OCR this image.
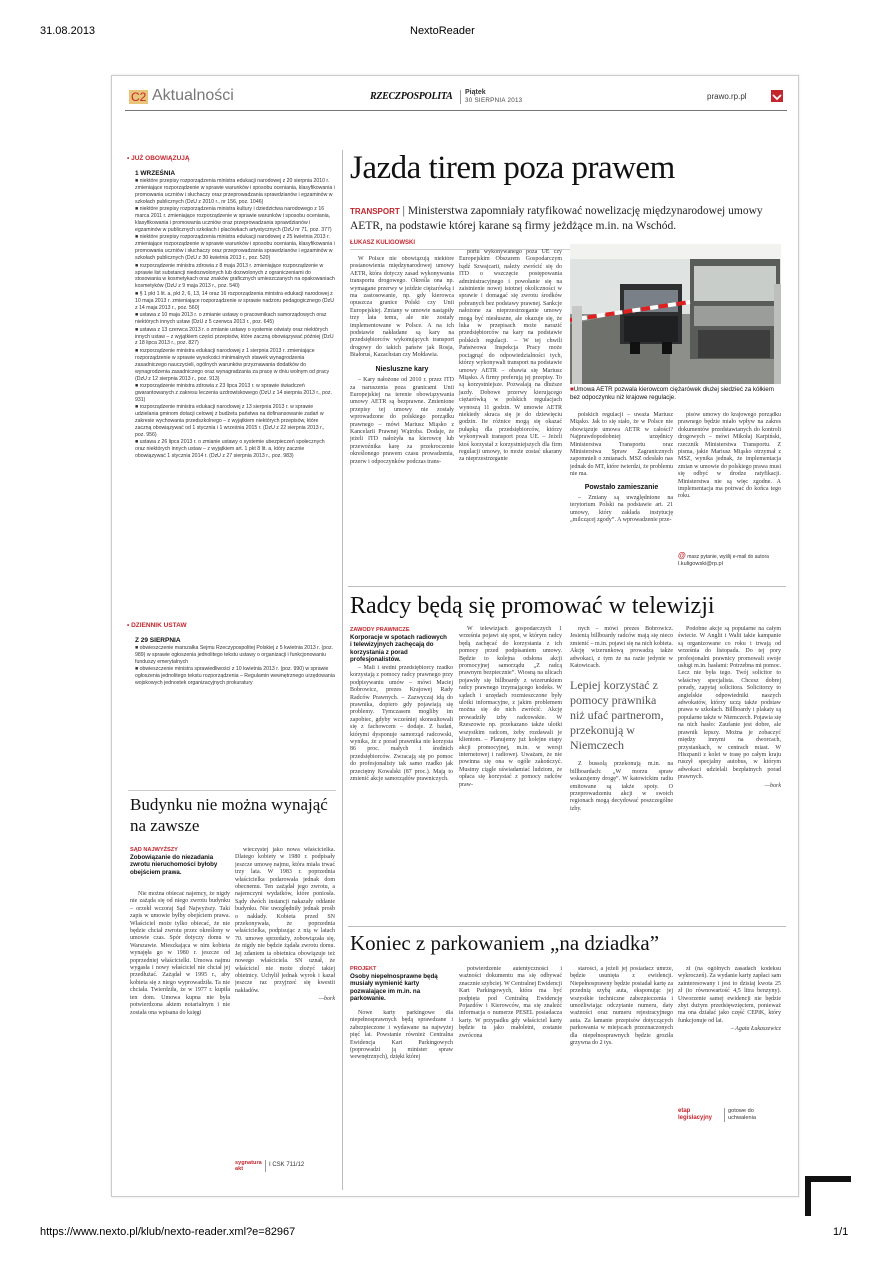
31.08.2013	NextoReader
https://www.nexto.pl/klub/nexto-reader.xml?e=82967	1/1
C2 Aktualności	RZECZPOSPOLITA Piątek
30 SIERPNIA 2013	prawo.rp.pl
• JUŻ OBOWIĄZUJĄ
1 WRZEŚNIA

■ niektóre przepisy rozporządzenia ministra edukacji narodowej z 20 sierpnia 2010 r. zmieniające rozporządzenie w sprawie warunków i sposobu oceniania, klasyfikowania i promowania uczniów i słuchaczy oraz przeprowadzania sprawdzianów i egzaminów w szkołach publicznych (DzU z 2010 r., nr 156, poz. 1046)

■ niektóre przepisy rozporządzenia ministra kultury i dziedzictwa narodowego z 16 marca 2011 r. zmieniające rozporządzenie w sprawie warunków i sposobu oceniania, klasyfikowania i promowania uczniów oraz przeprowadzania sprawdzianów i egzaminów w publicznych szkołach i placówkach artystycznych (DzU nr 71, poz. 377)

■ niektóre przepisy rozporządzenia ministra edukacji narodowej z 25 kwietnia 2013 r. zmieniające rozporządzenie w sprawie warunków i sposobu oceniania, klasyfikowania i promowania uczniów i słuchaczy oraz przeprowadzania sprawdzianów i egzaminów w szkołach publicznych (DzU z 30 kwietnia 2013 r., poz. 520)

■ rozporządzenie ministra zdrowia z 8 maja 2013 r. zmieniające rozporządzenie w sprawie list substancji niedozwolonych lub dozwolonych z ograniczeniami do stosowania w kosmetykach oraz znaków graficznych umieszczanych na opakowaniach kosmetyków (DzU z 9 maja 2013 r., poz. 540)

■ § 1 pkt 1 lit. a, pkt 2, 6, 13, 14 oraz 16 rozporządzenia ministra edukacji narodowej z 10 maja 2013 r. zmieniające rozporządzenie w sprawie nadzoru pedagogicznego (DzU z 14 maja 2013 r., poz. 560)

■ ustawa z 10 maja 2013 r. o zmianie ustawy o pracownikach samorządowych oraz niektórych innych ustaw (DzU z 5 czerwca 2013 r., poz. 645)

■ ustawa z 13 czerwca 2013 r. o zmianie ustawy o systemie oświaty oraz niektórych innych ustaw – z wyjątkiem części przepisów, które zaczną obowiązywać później (DzU z 18 lipca 2013 r., poz. 827)

■ rozporządzenie ministra edukacji narodowej z 1 sierpnia 2013 r. zmieniające rozporządzenie w sprawie wysokości minimalnych stawek wynagrodzenia zasadniczego nauczycieli, ogólnych warunków przyznawania dodatków do wynagrodzenia zasadniczego oraz wynagradzania za pracę w dniu wolnym od pracy (DzU z 12 sierpnia 2013 r., poz. 913)

■ rozporządzenie ministra zdrowia z 23 lipca 2013 r. w sprawie świadczeń gwarantowanych z zakresu leczenia uzdrowiskowego (DzU z 14 sierpnia 2013 r., poz. 931)

■ rozporządzenie ministra edukacji narodowej z 13 sierpnia 2013 r. w sprawie udzielania gminom dotacji celowej z budżetu państwa na dofinansowanie zadań w zakresie wychowania przedszkolnego – z wyjątkiem niektórych przepisów, które zaczną obowiązywać od 1 stycznia i 1 września 2015 r. (DzU z 22 sierpnia 2013 r., poz. 956)

■ ustawa z 26 lipca 2013 r. o zmianie ustawy o systemie ubezpieczeń społecznych oraz niektórych innych ustaw – z wyjątkiem art. 1 pkt 8 lit. a, który zacznie obowiązywać 1 stycznia 2014 r. (DzU z 27 sierpnia 2013 r., poz. 983)

• DZIENNIK USTAW
Z 29 SIERPNIA

■ obwieszczenie marszałka Sejmu Rzeczypospolitej Polskiej z 5 kwietnia 2013 r. (poz. 989) w sprawie ogłoszenia jednolitego tekstu ustawy o organizacji i funkcjonowaniu funduszy emerytalnych

■ obwieszczenie ministra sprawiedliwości z 10 kwietnia 2013 r. (poz. 990) w sprawie ogłoszenia jednolitego tekstu rozporządzenia – Regulamin wewnętrznego urzędowania wojskowych jednostek organizacyjnych prokuratury

Jazda tirem poza prawem
TRANSPORT | Ministerstwa zapomniały ratyfikować nowelizację międzynarodowej umowy AETR, na podstawie której karane są firmy jeżdżące m.in. na Wschód.
ŁUKASZ KULIGOWSKI

W Polsce nie obowiązują niektóre postanowienia międzynarodowej umowy AETR, która dotyczy zasad wykonywania transportu drogowego. Określa ona np. wymagane przerwy w jeździe ciężarówką i ma zastosowanie, np. gdy kierowca opuszcza granice Polski czy Unii Europejskiej. Zmiany w umowie nastąpiły trzy lata temu, ale nie zostały implementowane w Polsce. A na ich podstawie nakładane są kary na przedsiębiorców wykonujących transport drogowy do takich państw jak Rosja, Białoruś, Kazachstan czy Mołdawia.

Niesluszne kary

– Kary nałożone od 2010 r. przez ITD za naruszenia poza granicami Unii Europejskiej na terenie obowiązywania umowy AETR są bezprawne. Zmienione przepisy tej umowy nie zostały wprowadzone do polskiego porządku prawnego – mówi Mariusz Miąsko z Kancelarii Prawnej Wątroba. Dodaje, że jeżeli ITD nałożyła na kierowcę lub przewoźnika karę za przekroczenie określonego prawem czasu prowadzenia, przerw i odpoczynków podczas trans-

portu wykonywanego poza UE czy Europejskim Obszarem Gospodarczym bądź Szwajcarii, należy zwrócić się do ITD o wszczęcie postępowania administracyjnego i powołanie się na zaistnienie nowej istotnej okoliczności w sprawie i domagać się zwrotu środków pobranych bez podstawy prawnej. Sankcje nałożone za nieprzestrzeganie umowy mogą być niesłuszne, ale okazuje się, że luka w przepisach może narazić przedsiębiorców na kary na podstawie polskich regulacji. – W tej chwili Państwowa Inspekcja Pracy może pociągnąć do odpowiedzialności tych, którzy wykonywali transport na podstawie umowy AETR – obawia się Mariusz Miąsko. A firmy preferują jej przepisy. To są korzystniejsze. Pozwalają na dłuższe jazdy. Dobowe przerwy kierującego ciężarówką w polskich regulacjach wynoszą 11 godzin. W umowie AETR niekiedy skraca się je do dziewięciu godzin. Ite różnice mogą się okazać pułapką dla przedsiębiorców, którzy wykonywali transport poza UE. – Jeżeli ktoś korzystał z korzystniejszych dla firm regulacji umowy, to może zostać ukarany za nieprzestrzeganie

■Umowa AETR pozwala kierowcom ciężarówek dłużej siedzieć za kółkiem bez odpoczynku niż krajowe regulacje.

polskich regulacji – uważa Mariusz Miąsko. Jak to się stało, że w Polsce nie obowiązuje umowa AETR w całości? Najprawdopodobniej urzędnicy Ministerstwa Transportu oraz Ministerstwa Spraw Zagranicznych zapomnieli o zmianach. MSZ odesłało nas jednak do MT, które twierdzi, że problemu nie ma.

Powstało zamieszanie

– Zmiany są uwzględnione na terytorium Polski na podstawie art. 21 umowy, który zakłada instytucję „milczącej zgody”. A wprowadzenie prze-

pisów umowy do krajowego porządku prawnego będzie miało wpływ na zakres dokumentów przedstawianych do kontroli drogowych – mówi Mikołaj Karpiński, rzecznik Ministerstwa Transportu. Z pisma, jakie Mariusz Miąsko otrzymał z MSZ, wynika jednak, że implementacja zmian w umowie do polskiego prawa musi się odbyć w drodze ratyfikacji. Ministerstwa nie są więc zgodne. A implementacja ma potrwać do końca tego roku.

@ masz pytanie, wyślij e-mail do autora
l.kuligowski@rp.pl
Radcy będą się promować w telewizji
ZAWODY PRAWNICZE
Korporacje w spotach radiowych i telewizyjnych zachęcają do korzystania z porad profesjonalistów.

– Mali i średni przedsiębiorcy rzadko korzystają z pomocy radcy prawnego przy podpisywaniu umów – mówi Maciej Bobrowicz, prezes Krajowej Rady Radców Prawnych. – Zazwyczaj idą do prawnika, dopiero gdy pojawiają się problemy. Tymczasem mogliby im zapobiec, gdyby wcześniej skonsultowali się z fachowcem – dodaje. Z badań, którymi dysponuje samorząd radcowski, wynika, że z porad prawnika nie korzysta 86 proc. małych i średnich przedsiębiorców. Zwracają się po pomoc do profesjonalisty tak samo rzadko jak przeciętny Kowalski (87 proc.). Mają to zmienić akcje samorządów prawniczych.

W telewizjach gospodarczych 1 września pojawi się spot, w którym radcy będą zachęcać do korzystania z ich pomocy przed podpisaniem umowy. Będzie to kolejna odsłona akcji promocyjnej samorządu „Z radcą prawnym bezpiecznie”. Wiosną na ulicach pojawiły się billboardy z wizerunkiem radcy prawnego trzymającego kodeks. W sądach i urzędach rozmieszczone były ulotki informacyjne, z jakim problemem można się do nich zwrócić. Akcję prowadziły izby radcowskie. W Rzeszowie np. przekazano także ulotki wszystkim radcom, żeby rozdawali je klientom. – Planujemy już kolejne etapy akcji promocyjnej, m.in. w wersji internetowej i radiowej. Uważam, że nie powinna się ona w ogóle zakończyć. Musimy ciągle uświadamiać ludziom, że opłaca się korzystać z pomocy radców praw-

nych – mówi prezes Bobrowicz. Jesienią billboardy radców mają się nieco zmienić – m.in. pojawi się na nich kobieta. Akcję wizerunkową prowadzą także adwokaci, z tym że na razie jedynie w Katowicach.

Lepiej korzystać z pomocy prawnika niż ufać partnerom, przekonują w Niemczech

Z bussolą przekonują m.in. na billboardach: „W morzu spraw wskazujemy drogę”. W katowickim radiu emitowane są także spoty. O przeprowadzeniu akcji w swoich regionach mogą decydować poszczególne izby.

Podobne akcje są popularne na całym świecie. W Anglii i Walii takie kampanie są organizowane co roku i trwają od września do listopada. Do tej pory profesjonalni prawnicy promowali swoje usługi m.in. hasłami: Potrzebna mi pomoc. Lecz nie była tego. Twój solicitor to właściwy specjalista. Chcesz dobrej porady, zapytaj solicitora. Solicitorzy to angielskie odpowiedniki naszych adwokatów, którzy uczą także podstaw prawa w szkołach. Billboardy i plakaty są popularne także w Niemczech. Pojawia się na nich hasło: Zaufanie jest dobre, ale prawnik lepszy. Można je zobaczyć między innymi na dworcach, przystankach, w centrach miast. W Hiszpanii z kolei w trasę po całym kraju ruszył specjalny autobus, w którym adwokaci udzielali bezpłatnych porad prawnych.

—bork
Budynku nie można wynająć na zawsze
SĄD NAJWYŻSZY
Zobowiązanie do niezadania zwrotu nieruchomości byłoby obejściem prawa.

Nie można obiecać najemcy, że nigdy nie zażąda się od niego zwrotu budynku – orzekł wczoraj Sąd Najwyższy. Taki zapis w umowie byłby obejściem prawa. Właściciel może tylko obiecać, że nie będzie chciał zwrotu przez określony w umowie czas. Spór dotyczy domu w Warszawie. Mieszkająca w nim kobieta wynajęła go w 1980 r. jeszcze od poprzedniej właścicielki. Umowa najmu wygasła i nowy właściciel nie chciał jej przedłużać. Zażądał w 1995 r., aby kobieta się z niego wyprowadziła. Ta nie chciała. Twierdziła, że w 1977 r. kupiła ten dom. Umowa kupna nie była potwierdzona aktem notarialnym i nie została ona wpisana do księgi

wieczystej jako nowa właścicielka. Dlatego kobiety w 1980 r. podpisały jeszcze umowę najmu, która miała trwać trzy lata. W 1983 r. poprzednia właścicielka podarowała jednak dom obecnemu. Ten zażądał jego zwrotu, a najemczyni wydatków, które poniosła. Sądy dwóch instancji nakazały oddanie budynku. Nie uwzględniły jednak prośb o nakłady. Kobieta przed SN przekonywała, że poprzednia właścicielka, podpisując z nią w latach 70. umowę sprzedaży, zobowiązała się, że nigdy nie będzie żądała zwrotu domu. Jej zdaniem ta obietnica obowiązuje też nowego właściciela. SN uznał, że właściciel nie może złożyć takiej obietnicy. Uchylił jednak wyrok i kazał jeszcze raz przyjrzeć się kwestii nakładów.

—bork
sygnatura akt
I CSK 711/12
Koniec z parkowaniem „na dziadka”
PROJEKT
Osoby niepełnosprawne będą musiały wymienić karty pozwalające im m.in. na parkowanie.

Nowe karty parkingowe dla niepełnosprawnych będą sprawdzane i zabezpieczone i wydawane na najwyżej pięć lat. Powstanie również Centralna Ewidencja Kart Parkingowych (poprowadzi ją minister spraw wewnętrznych), dzięki której

potwierdzenie autentyczności i ważności dokumentu ma się odbywać znacznie szybciej. W Centralnej Ewidencji Kart Parkingowych, która ma być podpięta pod Centralną Ewidencję Pojazdów i Kierowców, ma się znaleźć informacja o numerze PESEL posiadacza karty. W przypadku gdy właściciel karty będzie tu jako małoletni, zostanie zwrócona

starości, a jeżeli jej posiadacz umrze, będzie usunięta z ewidencji. Niepełnosprawny będzie posiadał kartę za przednią szybą auta, eksponując jej wszystkie techniczne zabezpieczenia i umożliwiając odczytanie numeru, daty ważności oraz numeru rejestracyjnego auta. Za łamanie przepisów dotyczących parkowania w miejscach przeznaczonych dla niepełnosprawnych będzie groziła grzywna do 2 tys.

zł (na ogólnych zasadach kodeksu wykroczeń). Za wydanie karty zapłaci sam zainteresowany i jest to dzisiaj kwota 25 zł (to równowartość 4,5 litra benzyny). Utworzenie samej ewidencji nie będzie zbyt dużym przedsięwzięciem, ponieważ ma ona działać jako część CEPiK, który funkcjonuje od lat.

– Agata Łukaszewicz
etap legislacyjny
gotowe do uchwalenia
